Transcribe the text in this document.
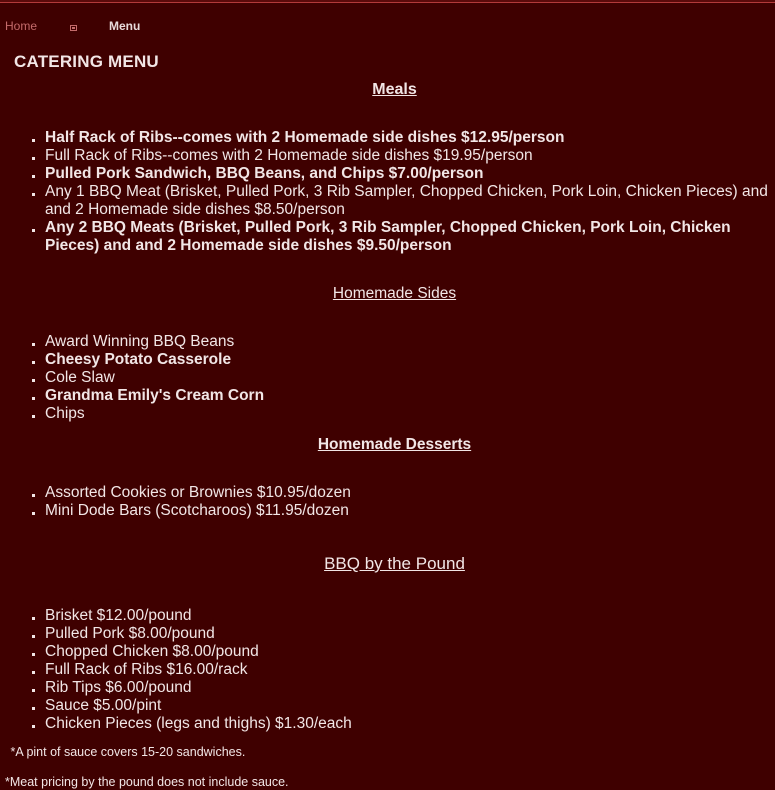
Home	Menu
CATERING MENU
Meals
Half Rack of Ribs--comes with 2 Homemade side dishes $12.95/person
Full Rack of Ribs--comes with 2 Homemade side dishes $19.95/person
Pulled Pork Sandwich, BBQ Beans, and Chips $7.00/person
Any 1 BBQ Meat (Brisket, Pulled Pork, 3 Rib Sampler, Chopped Chicken, Pork Loin, Chicken Pieces) and and 2 Homemade side dishes $8.50/person
Any 2 BBQ Meats (Brisket, Pulled Pork, 3 Rib Sampler, Chopped Chicken, Pork Loin, Chicken Pieces) and and 2 Homemade side dishes $9.50/person
Homemade Sides
Award Winning BBQ Beans
Cheesy Potato Casserole
Cole Slaw
Grandma Emily's Cream Corn
Chips
Homemade Desserts
Assorted Cookies or Brownies $10.95/dozen
Mini Dode Bars (Scotcharoos) $11.95/dozen
BBQ by the Pound
Brisket $12.00/pound
Pulled Pork $8.00/pound
Chopped Chicken $8.00/pound
Full Rack of Ribs $16.00/rack
Rib Tips $6.00/pound
Sauce $5.00/pint
Chicken Pieces (legs and thighs) $1.30/each
*A pint of sauce covers 15-20 sandwiches.
*Meat pricing by the pound does not include sauce.
